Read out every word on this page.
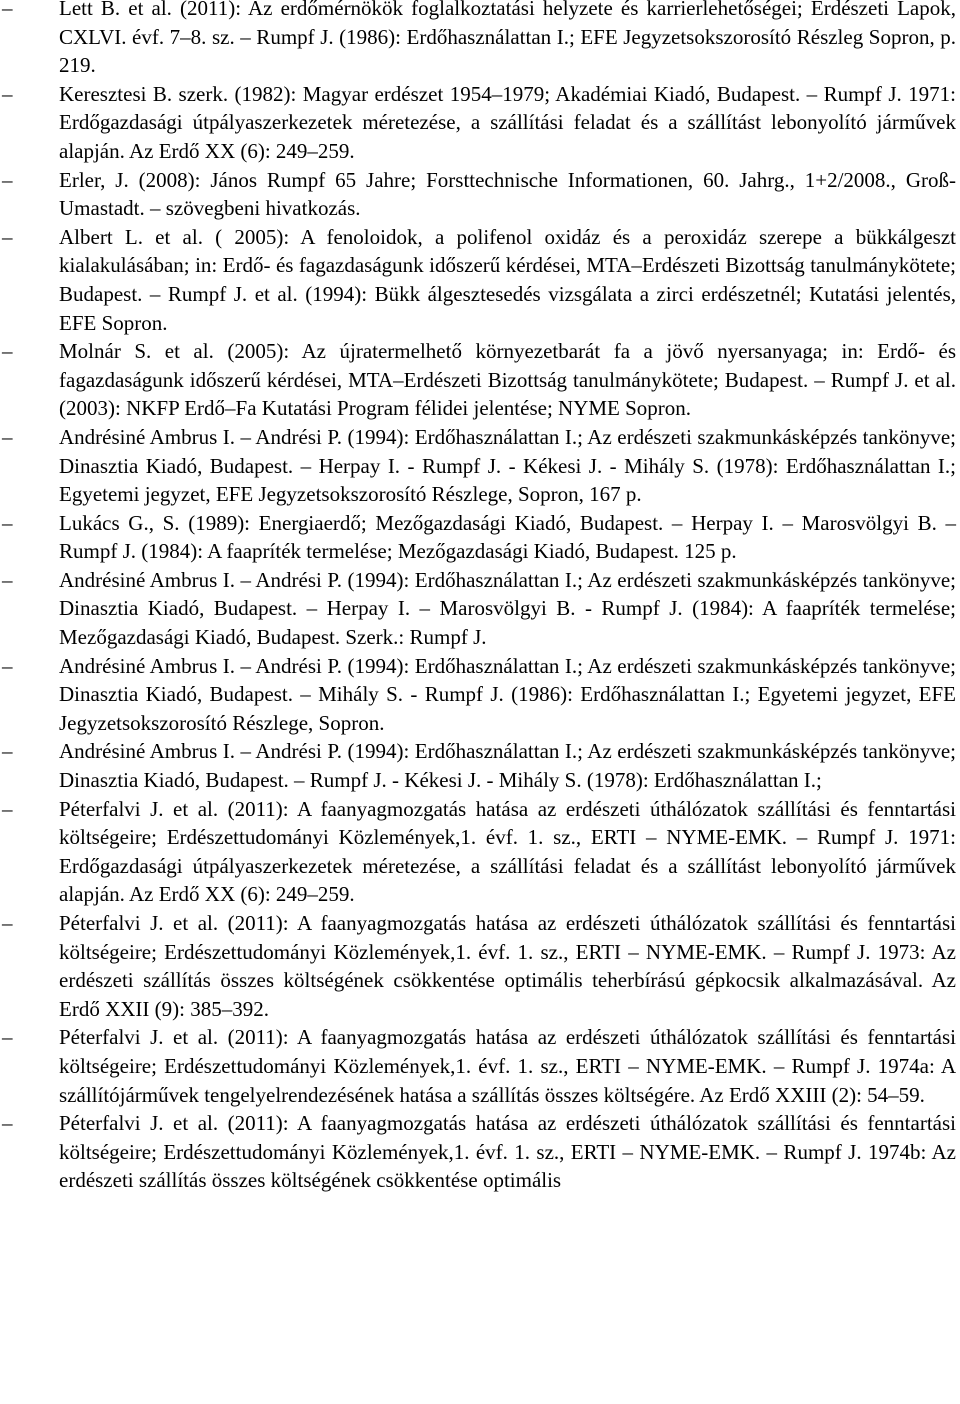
– Lett B. et al. (2011): Az erdőmérnökök foglalkoztatási helyzete és karrierlehetőségei; Erdészeti Lapok, CXLVI. évf. 7–8. sz. – Rumpf J. (1986): Erdőhasználattan I.; EFE Jegyzetsokszorosító Részleg Sopron, p. 219.
– Keresztesi B. szerk. (1982): Magyar erdészet 1954–1979; Akadémiai Kiadó, Budapest. – Rumpf J. 1971: Erdőgazdasági útpályaszerkezetek méretezése, a szállítási feladat és a szállítást lebonyolító járművek alapján. Az Erdő XX (6): 249–259.
– Erler, J. (2008): János Rumpf 65 Jahre; Forsttechnische Informationen, 60. Jahrg., 1+2/2008., Groß-Umastadt. – szövegbeni hivatkozás.
– Albert L. et al. ( 2005): A fenoloidok, a polifenol oxidáz és a peroxidáz szerepe a bükkálgeszt kialakulásában; in: Erdő- és fagazdaságunk időszerű kérdései, MTA–Erdészeti Bizottság tanulmánykötete; Budapest. – Rumpf J. et al. (1994): Bükk álgesztesedés vizsgálata a zirci erdészetnél; Kutatási jelentés, EFE Sopron.
– Molnár S. et al. (2005): Az újratermelhető környezetbarát fa a jövő nyersanyaga; in: Erdő- és fagazdaságunk időszerű kérdései, MTA–Erdészeti Bizottság tanulmánykötete; Budapest. – Rumpf J. et al. (2003): NKFP Erdő–Fa Kutatási Program félidei jelentése; NYME Sopron.
– Andrésiné Ambrus I. – Andrési P. (1994): Erdőhasználattan I.; Az erdészeti szakmunkásképzés tankönyve; Dinasztia Kiadó, Budapest. – Herpay I. - Rumpf J. - Kékesi J. - Mihály S. (1978): Erdőhasználattan I.; Egyetemi jegyzet, EFE Jegyzetsokszorosító Részlege, Sopron, 167 p.
– Lukács G., S. (1989): Energiaerdő; Mezőgazdasági Kiadó, Budapest. – Herpay I. – Marosvölgyi B. – Rumpf J. (1984): A faapríték termelése; Mezőgazdasági Kiadó, Budapest. 125 p.
– Andrésiné Ambrus I. – Andrési P. (1994): Erdőhasználattan I.; Az erdészeti szakmunkásképzés tankönyve; Dinasztia Kiadó, Budapest. – Herpay I. – Marosvölgyi B. - Rumpf J. (1984): A faapríték termelése; Mezőgazdasági Kiadó, Budapest. Szerk.: Rumpf J.
– Andrésiné Ambrus I. – Andrési P. (1994): Erdőhasználattan I.; Az erdészeti szakmunkásképzés tankönyve; Dinasztia Kiadó, Budapest. – Mihály S. - Rumpf J. (1986): Erdőhasználattan I.; Egyetemi jegyzet, EFE Jegyzetsokszorosító Részlege, Sopron.
– Andrésiné Ambrus I. – Andrési P. (1994): Erdőhasználattan I.; Az erdészeti szakmunkásképzés tankönyve; Dinasztia Kiadó, Budapest. – Rumpf J. - Kékesi J. - Mihály S. (1978): Erdőhasználattan I.;
– Péterfalvi J. et al. (2011): A faanyagmozgatás hatása az erdészeti úthálózatok szállítási és fenntartási költségeire; Erdészettudományi Közlemények,1. évf. 1. sz., ERTI – NYME-EMK. – Rumpf J. 1971: Erdőgazdasági útpályaszerkezetek méretezése, a szállítási feladat és a szállítást lebonyolító járművek alapján. Az Erdő XX (6): 249–259.
– Péterfalvi J. et al. (2011): A faanyagmozgatás hatása az erdészeti úthálózatok szállítási és fenntartási költségeire; Erdészettudományi Közlemények,1. évf. 1. sz., ERTI – NYME-EMK. – Rumpf J. 1973: Az erdészeti szállítás összes költségének csökkentése optimális teherbírású gépkocsik alkalmazásával. Az Erdő XXII (9): 385–392.
– Péterfalvi J. et al. (2011): A faanyagmozgatás hatása az erdészeti úthálózatok szállítási és fenntartási költségeire; Erdészettudományi Közlemények,1. évf. 1. sz., ERTI – NYME-EMK. – Rumpf J. 1974a: A szállítójárművek tengelyelrendezésének hatása a szállítás összes költségére. Az Erdő XXIII (2): 54–59.
– Péterfalvi J. et al. (2011): A faanyagmozgatás hatása az erdészeti úthálózatok szállítási és fenntartási költségeire; Erdészettudományi Közlemények,1. évf. 1. sz., ERTI – NYME-EMK. – Rumpf J. 1974b: Az erdészeti szállítás összes költségének csökkentése optimális
